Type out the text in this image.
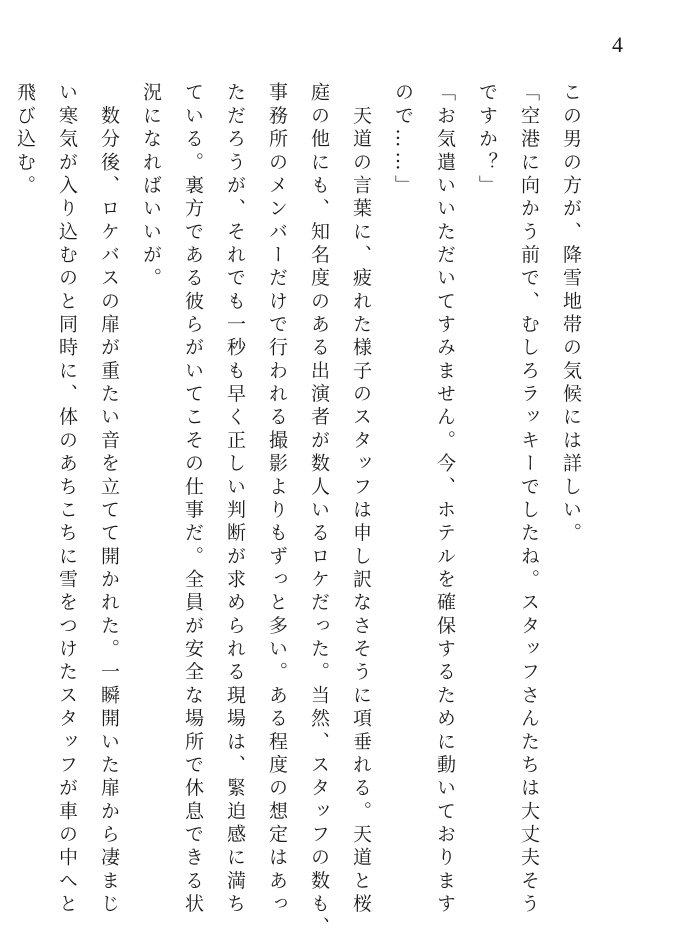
4
この男の方が、降雪地帯の気候には詳しい。
「空港に向かう前で、むしろラッキーでしたね。スタッフさんたちは大丈夫そう
ですか？」
「お気遣いいただいてすみません。今、ホテルを確保するために動いております
ので……」
　天道の言葉に、疲れた様子のスタッフは申し訳なさそうに項垂れる。天道と桜
庭の他にも、知名度のある出演者が数人いるロケだった。当然、スタッフの数も、
事務所のメンバーだけで行われる撮影よりもずっと多い。ある程度の想定はあっ
ただろうが、それでも一秒も早く正しい判断が求められる現場は、緊迫感に満ち
ている。裏方である彼らがいてこその仕事だ。全員が安全な場所で休息できる状
況になればいいが。
　数分後、ロケバスの扉が重たい音を立てて開かれた。一瞬開いた扉から凄まじ
い寒気が入り込むのと同時に、体のあちこちに雪をつけたスタッフが車の中へと
飛び込む。
